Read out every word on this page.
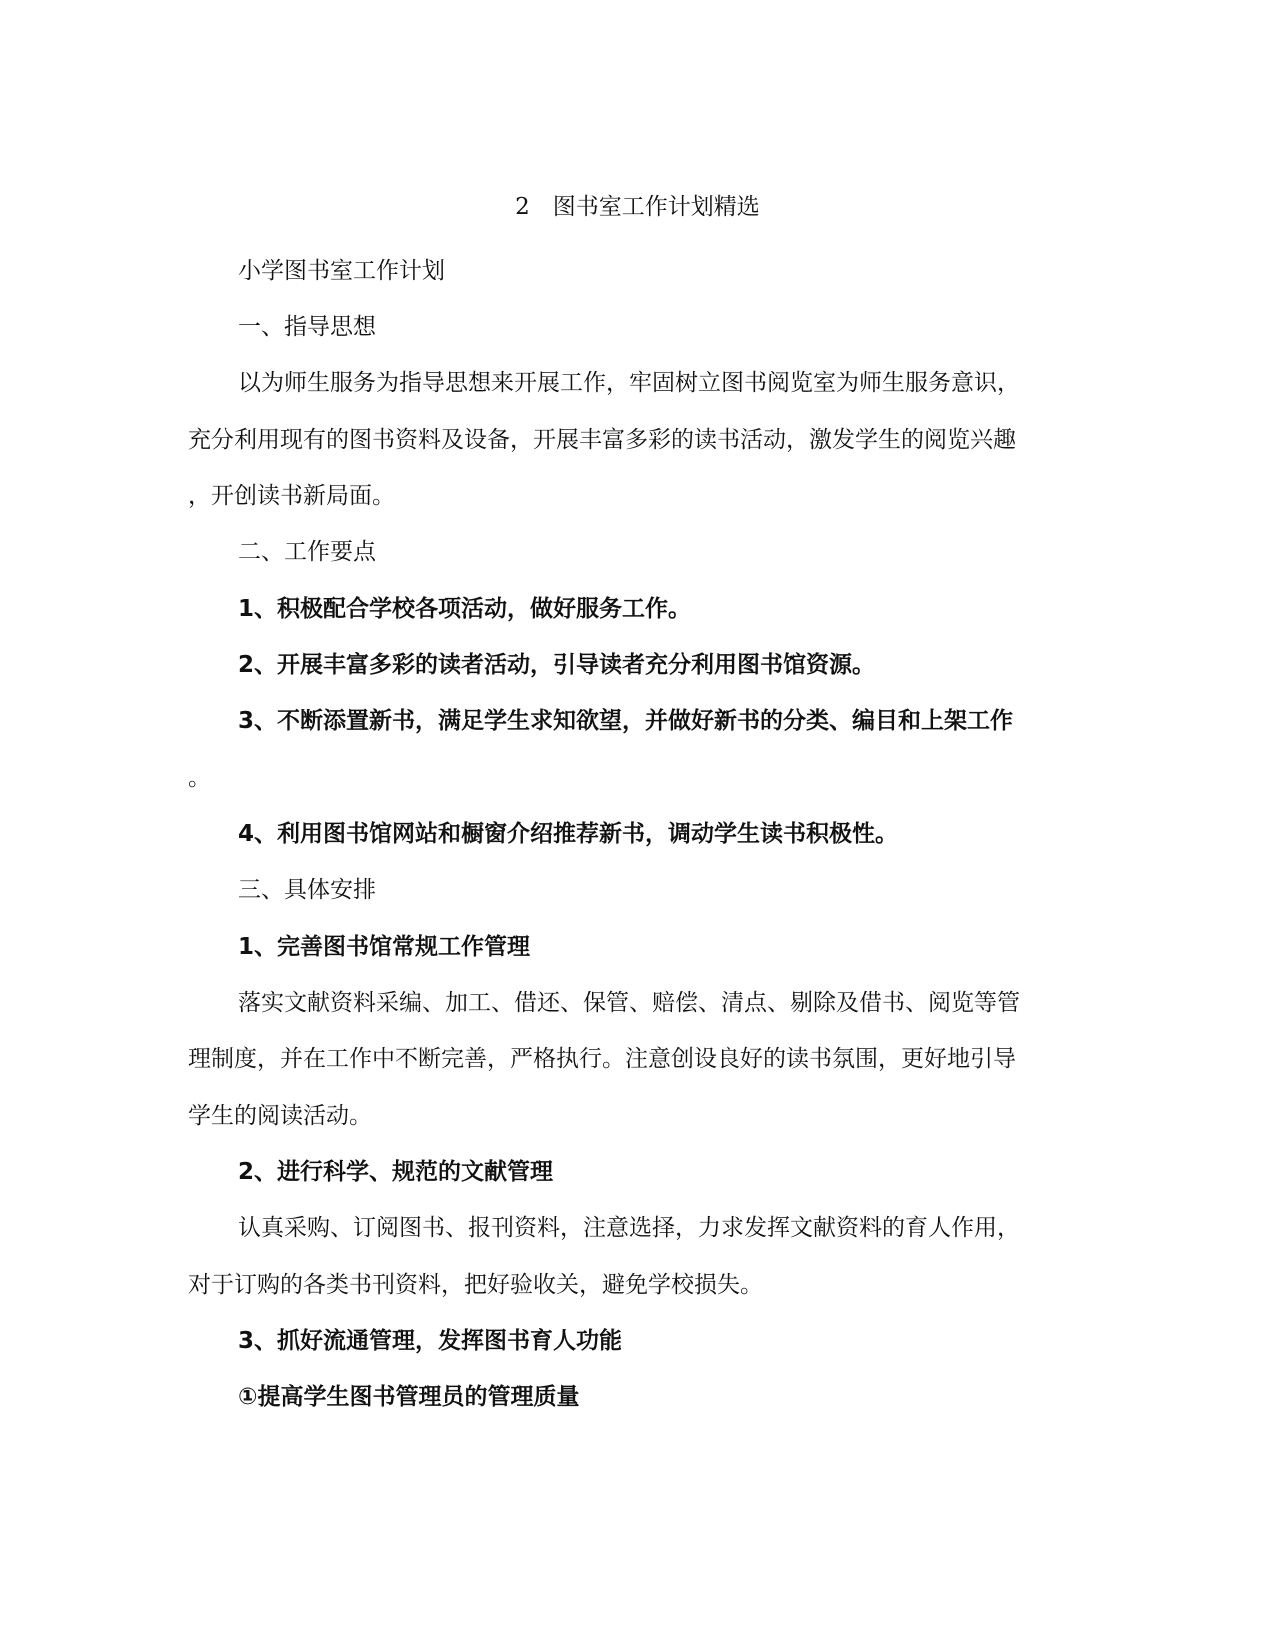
2　图书室工作计划精选
小学图书室工作计划
一、指导思想
以为师生服务为指导思想来开展工作，牢固树立图书阅览室为师生服务意识，
充分利用现有的图书资料及设备，开展丰富多彩的读书活动，激发学生的阅览兴趣
，开创读书新局面。
二、工作要点
1、积极配合学校各项活动，做好服务工作。
2、开展丰富多彩的读者活动，引导读者充分利用图书馆资源。
3、不断添置新书，满足学生求知欲望，并做好新书的分类、编目和上架工作
。
4、利用图书馆网站和橱窗介绍推荐新书，调动学生读书积极性。
三、具体安排
1、完善图书馆常规工作管理
落实文献资料采编、加工、借还、保管、赔偿、清点、剔除及借书、阅览等管
理制度，并在工作中不断完善，严格执行。注意创设良好的读书氛围，更好地引导
学生的阅读活动。
2、进行科学、规范的文献管理
认真采购、订阅图书、报刊资料，注意选择，力求发挥文献资料的育人作用，
对于订购的各类书刊资料，把好验收关，避免学校损失。
3、抓好流通管理，发挥图书育人功能
①提高学生图书管理员的管理质量
